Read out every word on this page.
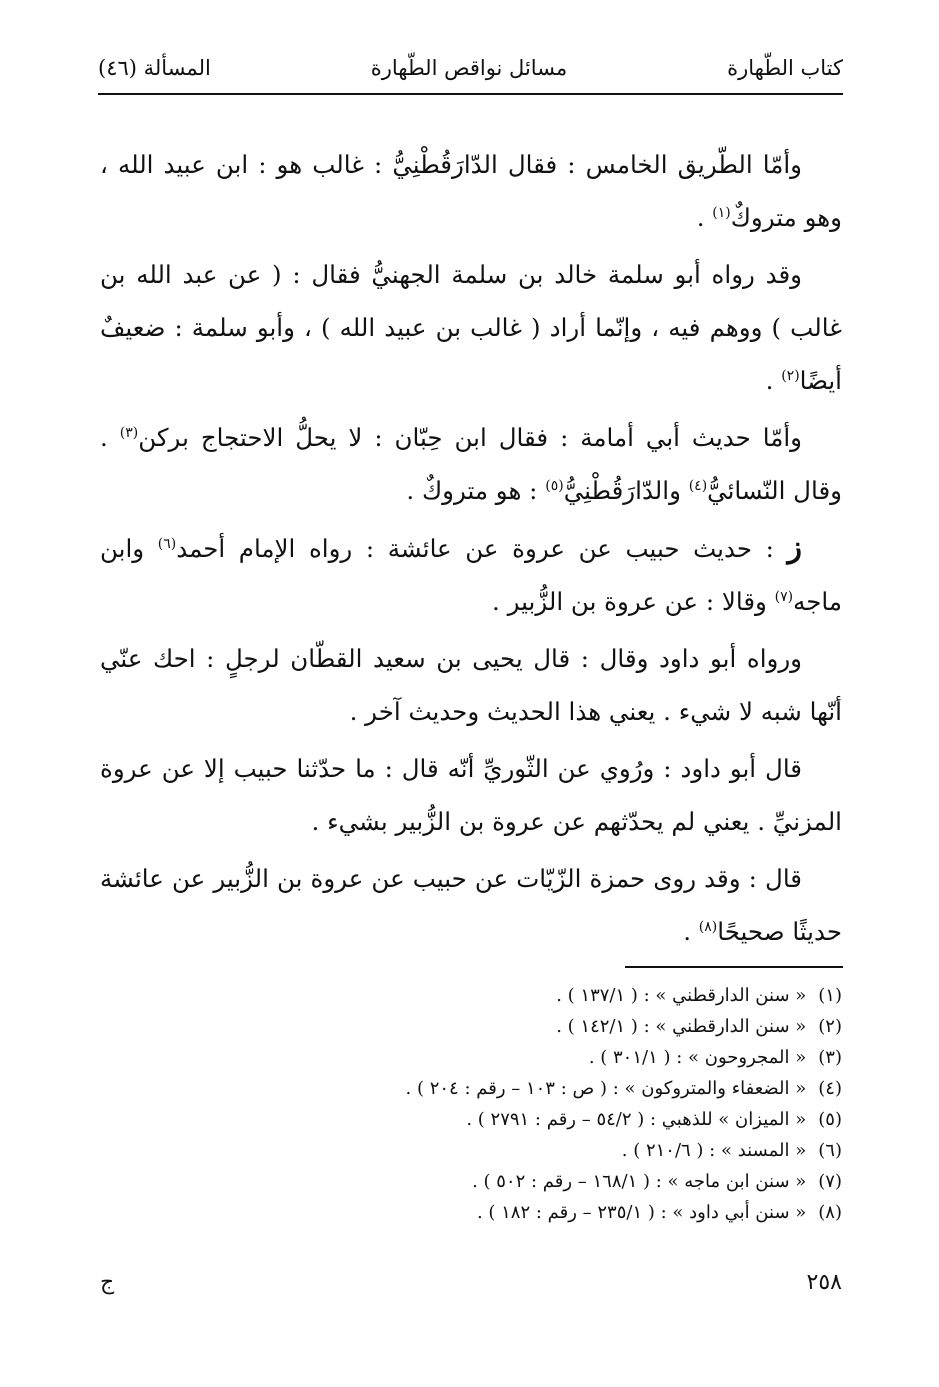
كتاب الطّهارة
مسائل نواقص الطّهارة
المسألة (٤٦)

وأمّا الطّريق الخامس : فقال الدّارَقُطْنِيُّ : غالب هو : ابن عبيد الله ، وهو متروكٌ$^{(١)}$ .

وقد رواه أبو سلمة خالد بن سلمة الجهنيُّ فقال : ( عن عبد الله بن غالب ) ووهم فيه ، وإنّما أراد ( غالب بن عبيد الله ) ، وأبو سلمة : ضعيفٌ أيضًا$^{(٢)}$ .

وأمّا حديث أبي أمامة : فقال ابن حِبّان : لا يحلُّ الاحتجاج بركن$^{(٣)}$ . وقال النّسائيُّ$^{(٤)}$ والدّارَقُطْنِيُّ$^{(٥)}$ : هو متروكٌ .

ز : حديث حبيب عن عروة عن عائشة : رواه الإمام أحمد$^{(٦)}$ وابن ماجه$^{(٧)}$ وقالا : عن عروة بن الزُّبير .

ورواه أبو داود وقال : قال يحيى بن سعيد القطّان لرجلٍ : احك عنّي أنّها شبه لا شيء . يعني هذا الحديث وحديث آخر .

قال أبو داود : ورُوي عن الثّوريِّ أنّه قال : ما حدّثنا حبيب إلا عن عروة المزنيِّ . يعني لم يحدّثهم عن عروة بن الزُّبير بشيء .

قال : وقد روى حمزة الزّيّات عن حبيب عن عروة بن الزُّبير عن عائشة حديثًا صحيحًا$^{(٨)}$ .

(١) « سنن الدارقطني » : ( ١٣٧/١ ) .
(٢) « سنن الدارقطني » : ( ١٤٢/١ ) .
(٣) « المجروحون » : ( ٣٠١/١ ) .
(٤) « الضعفاء والمتروكون » : ( ص : ١٠٣ – رقم : ٢٠٤ ) .
(٥) « الميزان » للذهبي : ( ٥٤/٢ – رقم : ٢٧٩١ ) .
(٦) « المسند » : ( ٢١٠/٦ ) .
(٧) « سنن ابن ماجه » : ( ١٦٨/١ – رقم : ٥٠٢ ) .
(٨) « سنن أبي داود » : ( ٢٣٥/١ – رقم : ١٨٢ ) .
٢٥٨
ج
